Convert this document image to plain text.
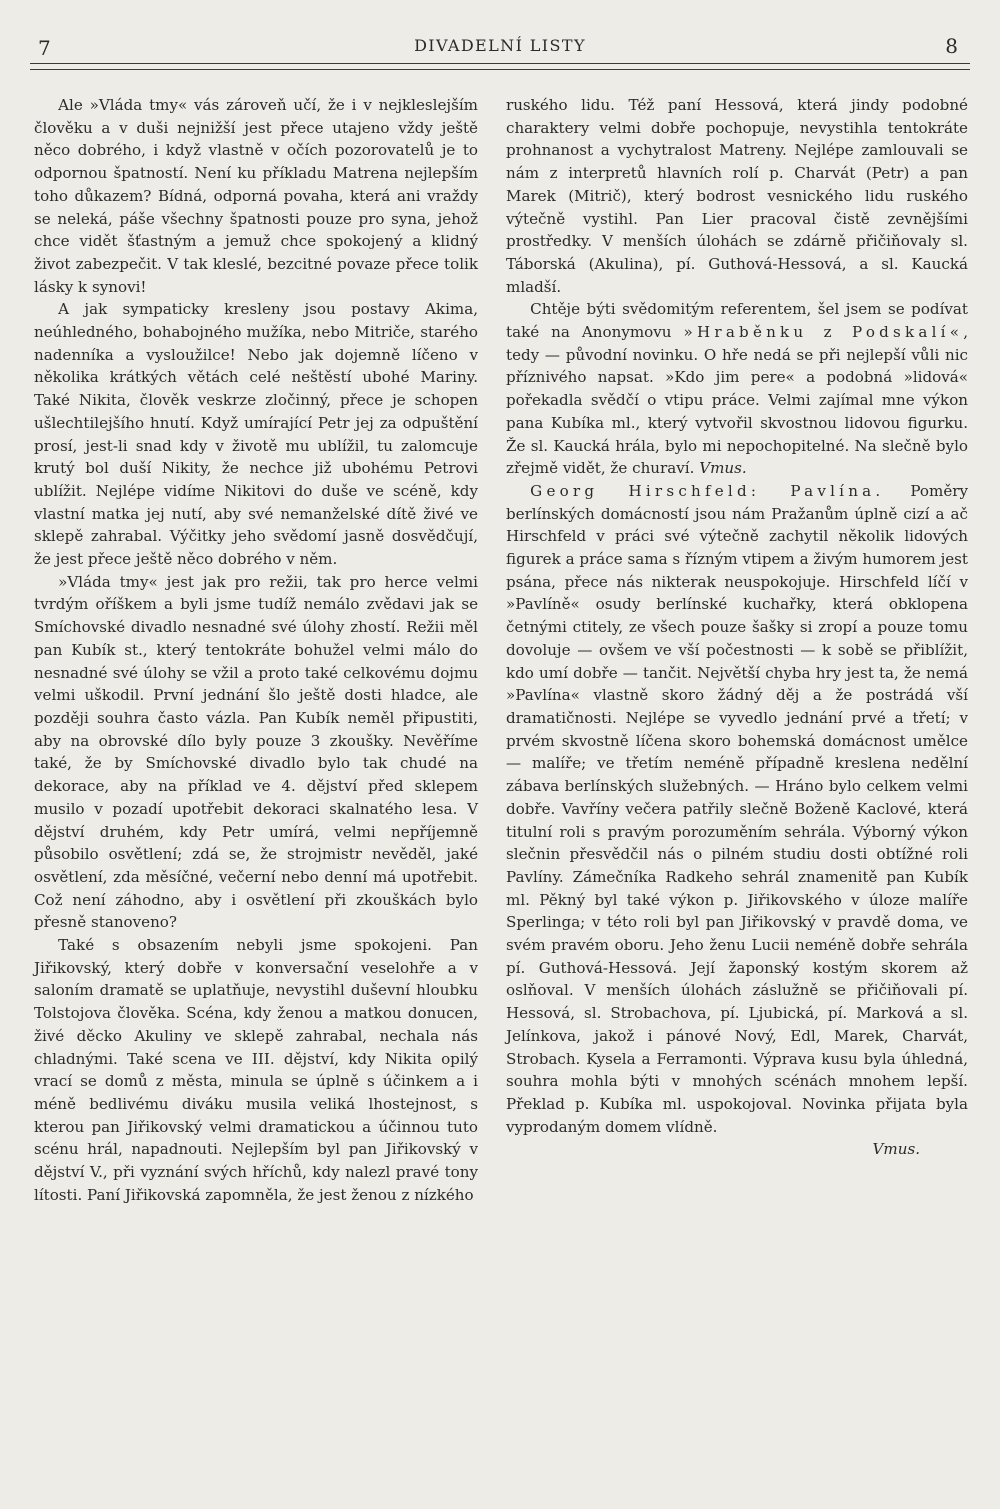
7	DIVADELNÍ LISTY	8

Ale »Vláda tmy« vás zároveň učí, že i v nejkleslejším člověku a v duši nejnižší jest přece utajeno vždy ještě něco dobrého, i když vlastně v očích pozorovatelů je to odpornou špatností. Není ku příkladu Matrena nejlepším toho důkazem? Bídná, odporná povaha, která ani vraždy se neleká, páše všechny špatnosti pouze pro syna, jehož chce vidět šťastným a jemuž chce spokojený a klidný život zabezpečit. V tak kleslé, bezcitné povaze přece tolik lásky k synovi!

A jak sympaticky kresleny jsou postavy Akima, neúhledného, bohabojného mužíka, nebo Mitriče, starého nadenníka a vysloužilce! Nebo jak dojemně líčeno v několika krátkých větách celé neštěstí ubohé Mariny. Také Nikita, člověk veskrze zločinný, přece je schopen ušlechtilejšího hnutí. Když umírající Petr jej za odpuštění prosí, jest-li snad kdy v životě mu ublížil, tu zalomcuje krutý bol duší Nikity, že nechce již ubohému Petrovi ublížit. Nejlépe vidíme Nikitovi do duše ve scéně, kdy vlastní matka jej nutí, aby své nemanželské dítě živé ve sklepě zahrabal. Výčitky jeho svědomí jasně dosvědčují, že jest přece ještě něco dobrého v něm.

»Vláda tmy« jest jak pro režii, tak pro herce velmi tvrdým oříškem a byli jsme tudíž nemálo zvědavi jak se Smíchovské divadlo nesnadné své úlohy zhostí. Režii měl pan Kubík st., který tentokráte bohužel velmi málo do nesnadné své úlohy se vžil a proto také celkovému dojmu velmi uškodil. První jednání šlo ještě dosti hladce, ale později souhra často vázla. Pan Kubík neměl připustiti, aby na obrovské dílo byly pouze 3 zkoušky. Nevěříme také, že by Smíchovské divadlo bylo tak chudé na dekorace, aby na příklad ve 4. dějství před sklepem musilo v pozadí upotřebit dekoraci skalnatého lesa. V dějství druhém, kdy Petr umírá, velmi nepříjemně působilo osvětlení; zdá se, že strojmistr nevěděl, jaké osvětlení, zda měsíčné, večerní nebo denní má upotřebit. Což není záhodno, aby i osvětlení při zkouškách bylo přesně stanoveno?

Také s obsazením nebyli jsme spokojeni. Pan Jiřikovský, který dobře v konversační veselohře a v saloním dramatě se uplatňuje, nevystihl duševní hloubku Tolstojova člověka. Scéna, kdy ženou a matkou donucen, živé děcko Akuliny ve sklepě zahrabal, nechala nás chladnými. Také scena ve III. dějství, kdy Nikita opilý vrací se domů z města, minula se úplně s účinkem a i méně bedlivému diváku musila veliká lhostejnost, s kterou pan Jiřikovský velmi dramatickou a účinnou tuto scénu hrál, napadnouti. Nejlepším byl pan Jiřikovský v dějství V., při vyznání svých hříchů, kdy nalezl pravé tony lítosti. Paní Jiřikovská zapomněla, že jest ženou z nízkého

ruského lidu. Též paní Hessová, která jindy podobné charaktery velmi dobře pochopuje, nevystihla tentokráte prohnanost a vychytralost Matreny. Nejlépe zamlouvali se nám z interpretů hlavních rolí p. Charvát (Petr) a pan Marek (Mitrič), který bodrost vesnického lidu ruského výtečně vystihl. Pan Lier pracoval čistě zevnějšími prostředky. V menších úlohách se zdárně přičiňovaly sl. Táborská (Akulina), pí. Guthová-Hessová, a sl. Kaucká mladší.

Chtěje býti svědomitým referentem, šel jsem se podívat také na Anonymovu »Hraběnku z Podskalí«, tedy — původní novinku. O hře nedá se při nejlepší vůli nic příznivého napsat. »Kdo jim pere« a podobná »lidová« pořekadla svědčí o vtipu práce. Velmi zajímal mne výkon pana Kubíka ml., který vytvořil skvostnou lidovou figurku. Že sl. Kaucká hrála, bylo mi nepochopitelné. Na slečně bylo zřejmě vidět, že churaví. Vmus.

Georg Hirschfeld: Pavlína. Poměry berlínských domácností jsou nám Pražanům úplně cizí a ač Hirschfeld v práci své výtečně zachytil několik lidových figurek a práce sama s řízným vtipem a živým humorem jest psána, přece nás nikterak neuspokojuje. Hirschfeld líčí v »Pavlíně« osudy berlínské kuchařky, která obklopena četnými ctitely, ze všech pouze šašky si zropí a pouze tomu dovoluje — ovšem ve vší počestnosti — k sobě se přiblížit, kdo umí dobře — tančit. Největší chyba hry jest ta, že nemá »Pavlína« vlastně skoro žádný děj a že postrádá vší dramatičnosti. Nejlépe se vyvedlo jednání prvé a třetí; v prvém skvostně líčena skoro bohemská domácnost umělce — malíře; ve třetím neméně případně kreslena nedělní zábava berlínských služebných. — Hráno bylo celkem velmi dobře. Vavříny večera patřily slečně Boženě Kaclové, která titulní roli s pravým porozuměním sehrála. Výborný výkon slečnin přesvědčil nás o pilném studiu dosti obtížné roli Pavlíny. Zámečníka Radkeho sehrál znamenitě pan Kubík ml. Pěkný byl také výkon p. Jiřikovského v úloze malíře Sperlinga; v této roli byl pan Jiřikovský v pravdě doma, ve svém pravém oboru. Jeho ženu Lucii neméně dobře sehrála pí. Guthová-Hessová. Její žaponský kostým skorem až oslňoval. V menších úlohách záslužně se přičiňovali pí. Hessová, sl. Strobachova, pí. Ljubická, pí. Marková a sl. Jelínkova, jakož i pánové Nový, Edl, Marek, Charvát, Strobach. Kysela a Ferramonti. Výprava kusu byla úhledná, souhra mohla býti v mnohých scénách mnohem lepší. Překlad p. Kubíka ml. uspokojoval. Novinka přijata byla vyprodaným domem vlídně.

Vmus.
